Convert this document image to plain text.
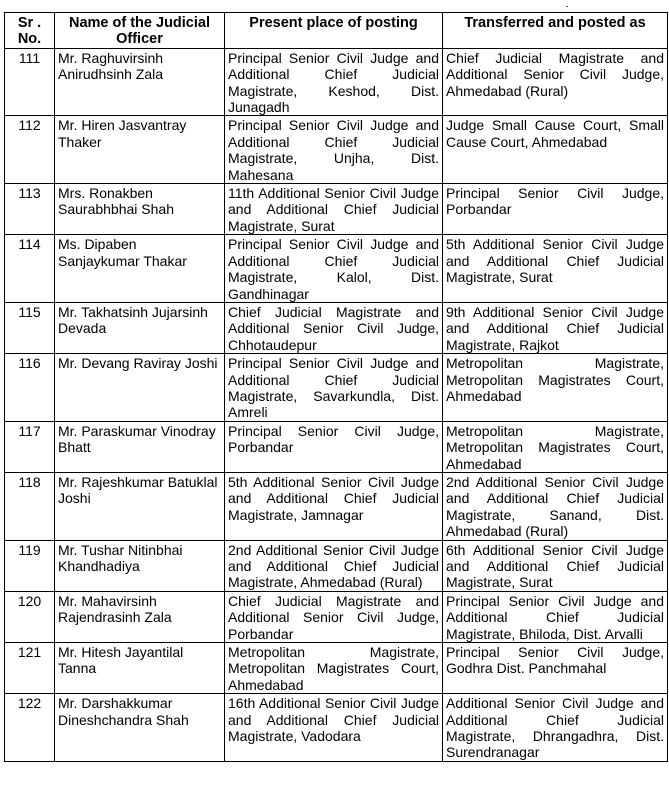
Sr . No.	Name of the Judicial Officer	Present place of posting	Transferred and posted as
111	Mr. Raghuvirsinh Anirudhsinh Zala	Principal Senior Civil Judge and Additional Chief Judicial Magistrate, Keshod, Dist. Junagadh	Chief Judicial Magistrate and Additional Senior Civil Judge, Ahmedabad (Rural)
112	Mr. Hiren Jasvantray Thaker	Principal Senior Civil Judge and Additional Chief Judicial Magistrate, Unjha, Dist. Mahesana	Judge Small Cause Court, Small Cause Court, Ahmedabad
113	Mrs. Ronakben Saurabhbhai Shah	11th Additional Senior Civil Judge and Additional Chief Judicial Magistrate, Surat	Principal Senior Civil Judge, Porbandar
114	Ms. Dipaben Sanjaykumar Thakar	Principal Senior Civil Judge and Additional Chief Judicial Magistrate, Kalol, Dist. Gandhinagar	5th Additional Senior Civil Judge and Additional Chief Judicial Magistrate, Surat
115	Mr. Takhatsinh Jujarsinh Devada	Chief Judicial Magistrate and Additional Senior Civil Judge, Chhotaudepur	9th Additional Senior Civil Judge and Additional Chief Judicial Magistrate, Rajkot
116	Mr. Devang Raviray Joshi	Principal Senior Civil Judge and Additional Chief Judicial Magistrate, Savarkundla, Dist. Amreli	Metropolitan Magistrate, Metropolitan Magistrates Court, Ahmedabad
117	Mr. Paraskumar Vinodray Bhatt	Principal Senior Civil Judge, Porbandar	Metropolitan Magistrate, Metropolitan Magistrates Court, Ahmedabad
118	Mr. Rajeshkumar Batuklal Joshi	5th Additional Senior Civil Judge and Additional Chief Judicial Magistrate, Jamnagar	2nd Additional Senior Civil Judge and Additional Chief Judicial Magistrate, Sanand, Dist. Ahmedabad (Rural)
119	Mr. Tushar Nitinbhai Khandhadiya	2nd Additional Senior Civil Judge and Additional Chief Judicial Magistrate, Ahmedabad (Rural)	6th Additional Senior Civil Judge and Additional Chief Judicial Magistrate, Surat
120	Mr. Mahavirsinh Rajendrasinh Zala	Chief Judicial Magistrate and Additional Senior Civil Judge, Porbandar	Principal Senior Civil Judge and Additional Chief Judicial Magistrate, Bhiloda, Dist. Arvalli
121	Mr. Hitesh Jayantilal Tanna	Metropolitan Magistrate, Metropolitan Magistrates Court, Ahmedabad	Principal Senior Civil Judge, Godhra Dist. Panchmahal
122	Mr. Darshakkumar Dineshchandra Shah	16th Additional Senior Civil Judge and Additional Chief Judicial Magistrate, Vadodara	Additional Senior Civil Judge and Additional Chief Judicial Magistrate, Dhrangadhra, Dist. Surendranagar
